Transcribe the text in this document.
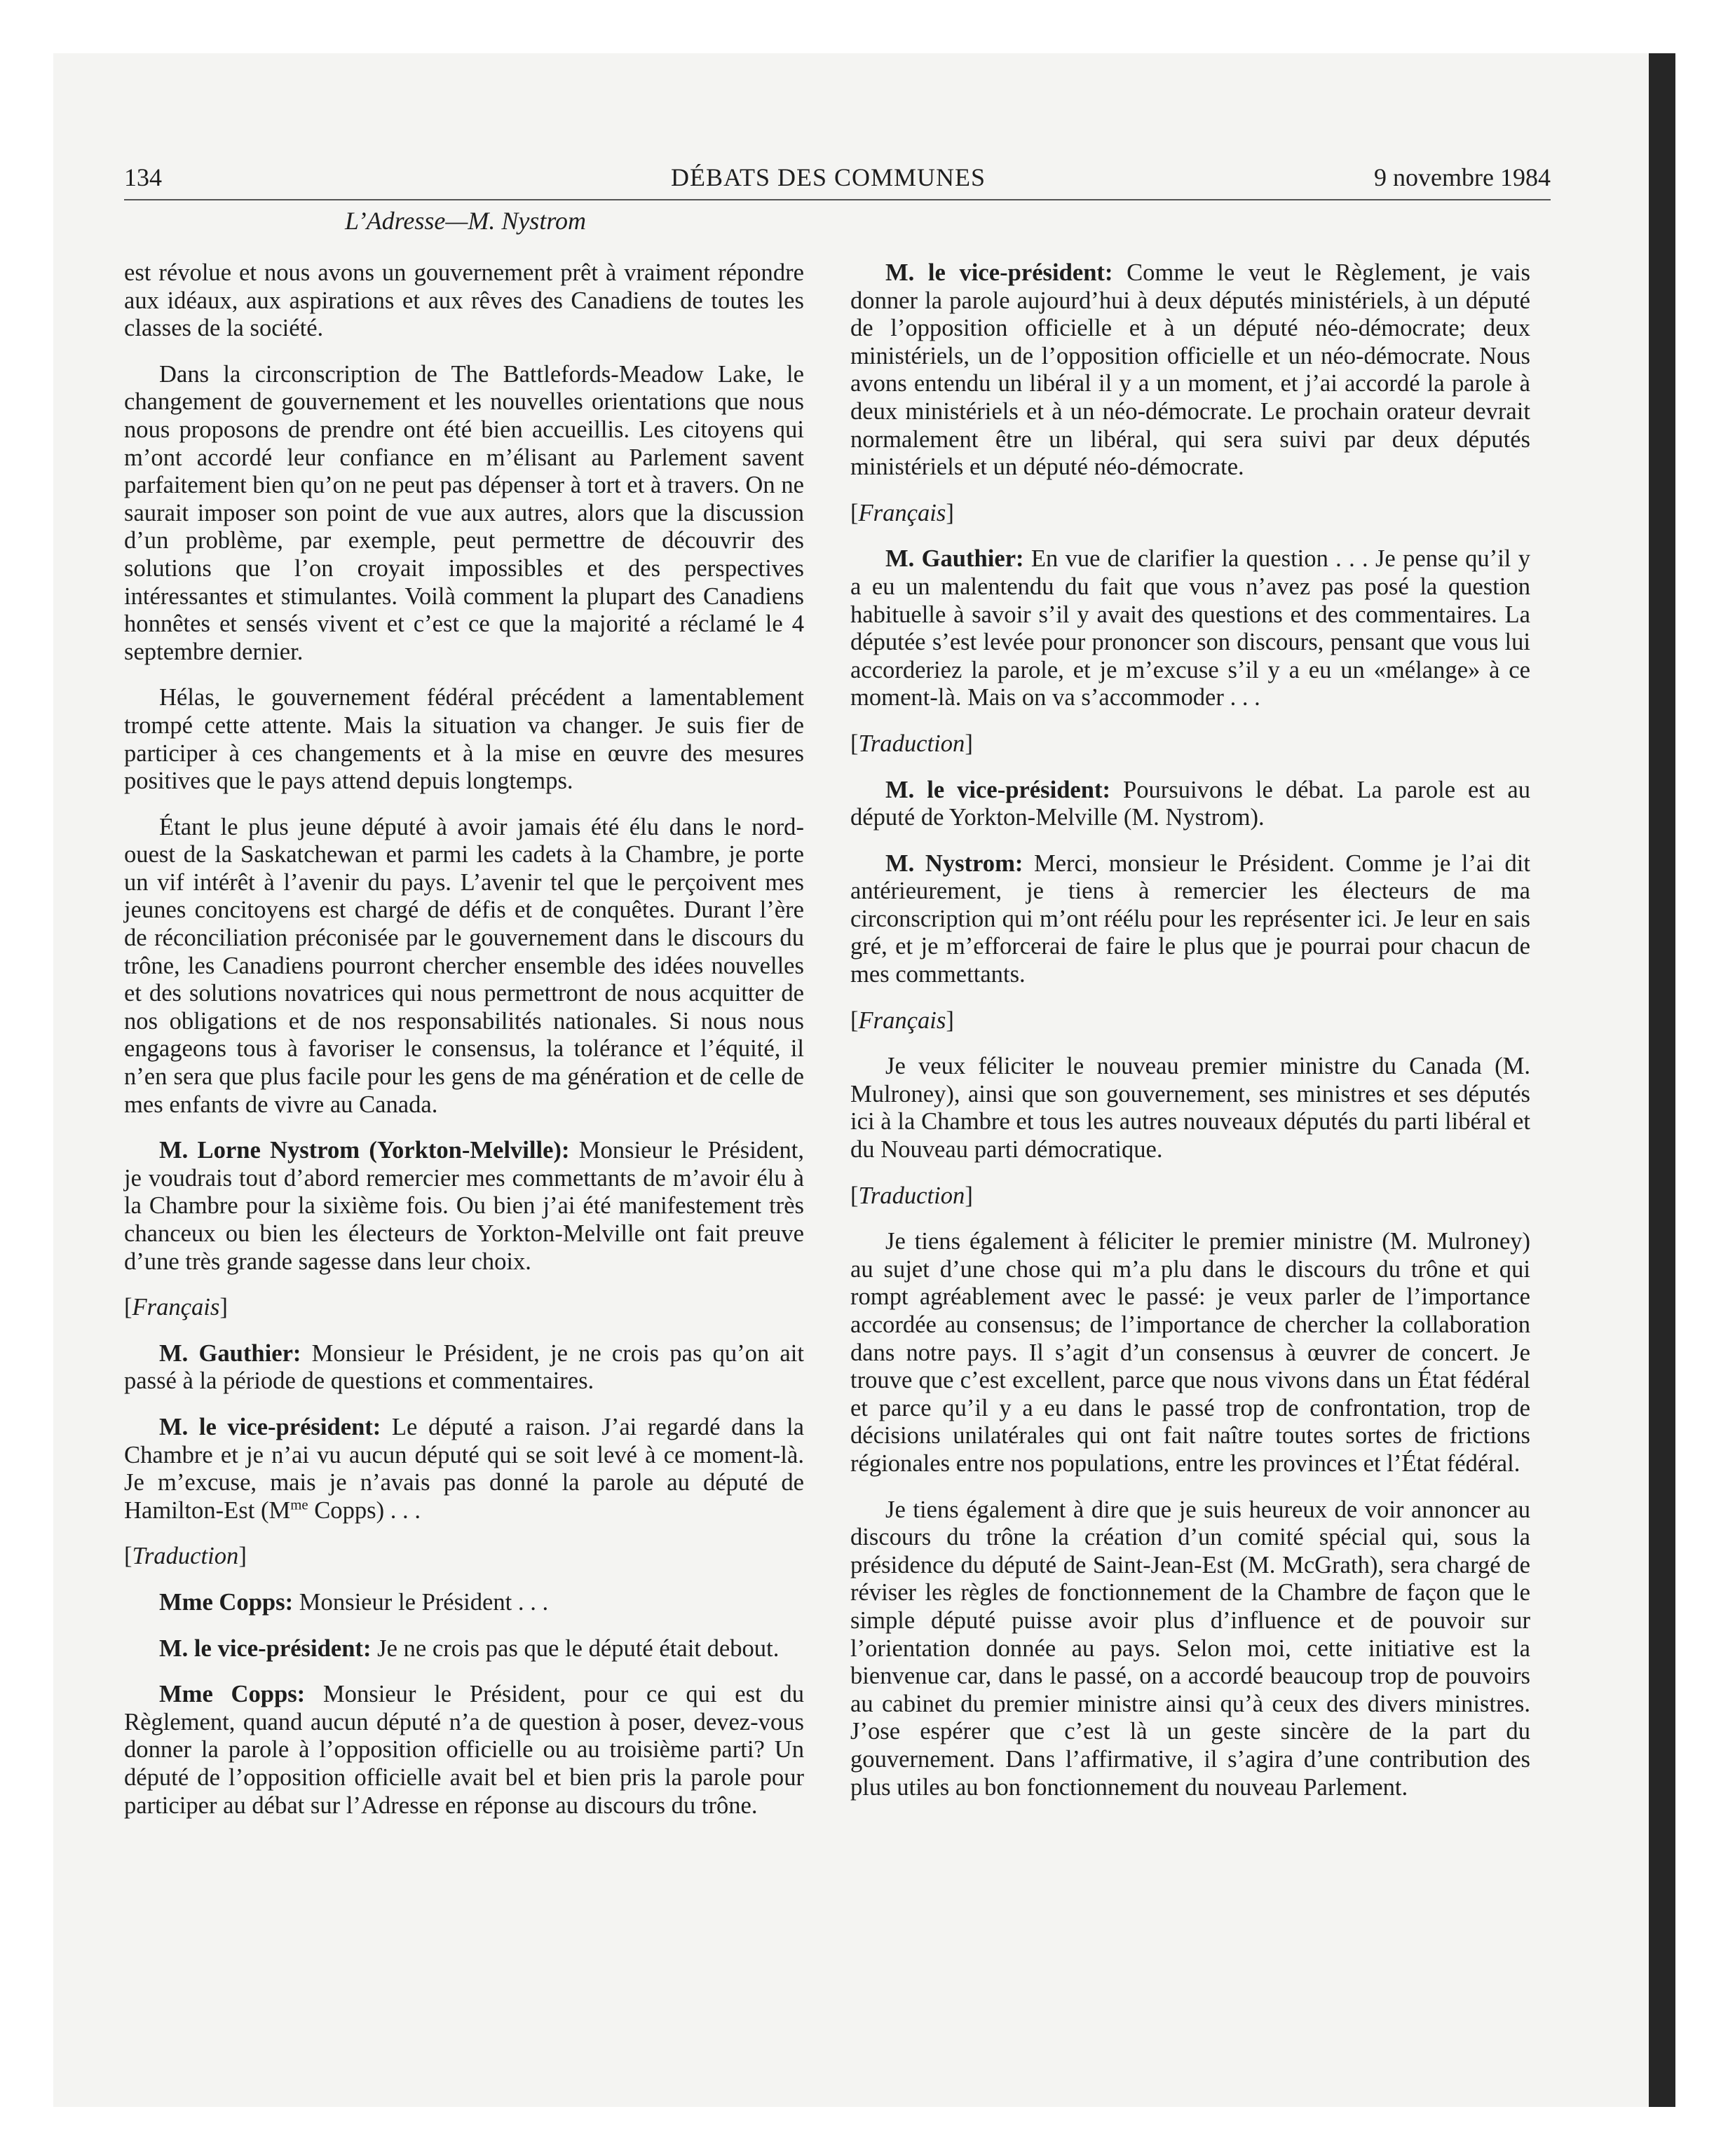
134	DÉBATS DES COMMUNES	9 novembre 1984
L’Adresse—M. Nystrom

est révolue et nous avons un gouvernement prêt à vraiment répondre aux idéaux, aux aspirations et aux rêves des Canadiens de toutes les classes de la société.

Dans la circonscription de The Battlefords-Meadow Lake, le changement de gouvernement et les nouvelles orientations que nous nous proposons de prendre ont été bien accueillis. Les citoyens qui m’ont accordé leur confiance en m’élisant au Parlement savent parfaitement bien qu’on ne peut pas dépenser à tort et à travers. On ne saurait imposer son point de vue aux autres, alors que la discussion d’un problème, par exemple, peut permettre de découvrir des solutions que l’on croyait impossibles et des perspectives intéressantes et stimulantes. Voilà comment la plupart des Canadiens honnêtes et sensés vivent et c’est ce que la majorité a réclamé le 4 septembre dernier.

Hélas, le gouvernement fédéral précédent a lamentablement trompé cette attente. Mais la situation va changer. Je suis fier de participer à ces changements et à la mise en œuvre des mesures positives que le pays attend depuis longtemps.

Étant le plus jeune député à avoir jamais été élu dans le nord-ouest de la Saskatchewan et parmi les cadets à la Chambre, je porte un vif intérêt à l’avenir du pays. L’avenir tel que le perçoivent mes jeunes concitoyens est chargé de défis et de conquêtes. Durant l’ère de réconciliation préconisée par le gouvernement dans le discours du trône, les Canadiens pourront chercher ensemble des idées nouvelles et des solutions novatrices qui nous permettront de nous acquitter de nos obligations et de nos responsabilités nationales. Si nous nous engageons tous à favoriser le consensus, la tolérance et l’équité, il n’en sera que plus facile pour les gens de ma génération et de celle de mes enfants de vivre au Canada.

M. Lorne Nystrom (Yorkton-Melville): Monsieur le Président, je voudrais tout d’abord remercier mes commettants de m’avoir élu à la Chambre pour la sixième fois. Ou bien j’ai été manifestement très chanceux ou bien les électeurs de Yorkton-Melville ont fait preuve d’une très grande sagesse dans leur choix.

[Français]

M. Gauthier: Monsieur le Président, je ne crois pas qu’on ait passé à la période de questions et commentaires.

M. le vice-président: Le député a raison. J’ai regardé dans la Chambre et je n’ai vu aucun député qui se soit levé à ce moment-là. Je m’excuse, mais je n’avais pas donné la parole au député de Hamilton-Est ($M^{me}$ Copps) . . .

[Traduction]

Mme Copps: Monsieur le Président . . .

M. le vice-président: Je ne crois pas que le député était debout.

Mme Copps: Monsieur le Président, pour ce qui est du Règlement, quand aucun député n’a de question à poser, devez-vous donner la parole à l’opposition officielle ou au troisième parti? Un député de l’opposition officielle avait bel et bien pris la parole pour participer au débat sur l’Adresse en réponse au discours du trône.

M. le vice-président: Comme le veut le Règlement, je vais donner la parole aujourd’hui à deux députés ministériels, à un député de l’opposition officielle et à un député néo-démocrate; deux ministériels, un de l’opposition officielle et un néo-démocrate. Nous avons entendu un libéral il y a un moment, et j’ai accordé la parole à deux ministériels et à un néo-démocrate. Le prochain orateur devrait normalement être un libéral, qui sera suivi par deux députés ministériels et un député néo-démocrate.

[Français]

M. Gauthier: En vue de clarifier la question . . . Je pense qu’il y a eu un malentendu du fait que vous n’avez pas posé la question habituelle à savoir s’il y avait des questions et des commentaires. La députée s’est levée pour prononcer son discours, pensant que vous lui accorderiez la parole, et je m’excuse s’il y a eu un «mélange» à ce moment-là. Mais on va s’accommoder . . .

[Traduction]

M. le vice-président: Poursuivons le débat. La parole est au député de Yorkton-Melville (M. Nystrom).

M. Nystrom: Merci, monsieur le Président. Comme je l’ai dit antérieurement, je tiens à remercier les électeurs de ma circonscription qui m’ont réélu pour les représenter ici. Je leur en sais gré, et je m’efforcerai de faire le plus que je pourrai pour chacun de mes commettants.

[Français]

Je veux féliciter le nouveau premier ministre du Canada (M. Mulroney), ainsi que son gouvernement, ses ministres et ses députés ici à la Chambre et tous les autres nouveaux députés du parti libéral et du Nouveau parti démocratique.

[Traduction]

Je tiens également à féliciter le premier ministre (M. Mulroney) au sujet d’une chose qui m’a plu dans le discours du trône et qui rompt agréablement avec le passé: je veux parler de l’importance accordée au consensus; de l’importance de chercher la collaboration dans notre pays. Il s’agit d’un consensus à œuvrer de concert. Je trouve que c’est excellent, parce que nous vivons dans un État fédéral et parce qu’il y a eu dans le passé trop de confrontation, trop de décisions unilatérales qui ont fait naître toutes sortes de frictions régionales entre nos populations, entre les provinces et l’État fédéral.

Je tiens également à dire que je suis heureux de voir annoncer au discours du trône la création d’un comité spécial qui, sous la présidence du député de Saint-Jean-Est (M. McGrath), sera chargé de réviser les règles de fonctionnement de la Chambre de façon que le simple député puisse avoir plus d’influence et de pouvoir sur l’orientation donnée au pays. Selon moi, cette initiative est la bienvenue car, dans le passé, on a accordé beaucoup trop de pouvoirs au cabinet du premier ministre ainsi qu’à ceux des divers ministres. J’ose espérer que c’est là un geste sincère de la part du gouvernement. Dans l’affirmative, il s’agira d’une contribution des plus utiles au bon fonctionnement du nouveau Parlement.
